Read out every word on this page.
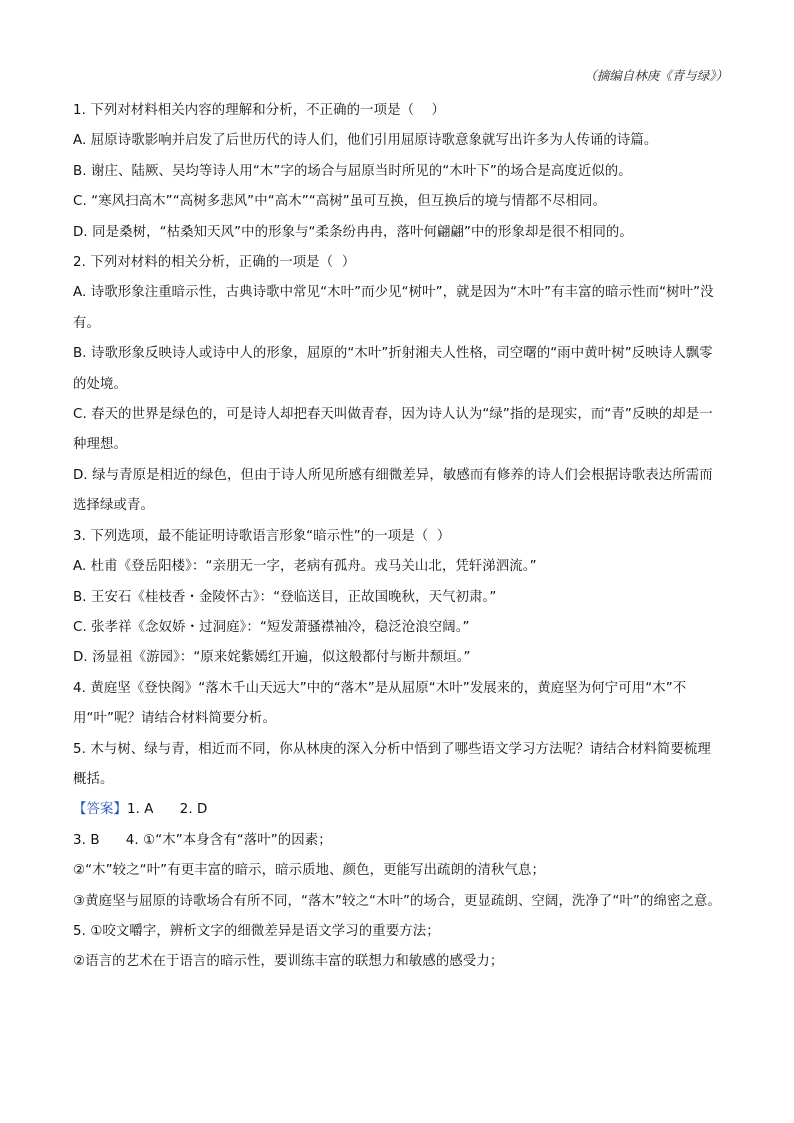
（摘编自林庚《青与绿》）

1. 下列对材料相关内容的理解和分析，不正确的一项是（    ）

A. 屈原诗歌影响并启发了后世历代的诗人们，他们引用屈原诗歌意象就写出许多为人传诵的诗篇。

B. 谢庄、陆厥、吴均等诗人用“木”字的场合与屈原当时所见的“木叶下”的场合是高度近似的。

C. “寒风扫高木”“高树多悲风”中“高木”“高树”虽可互换，但互换后的境与情都不尽相同。

D. 同是桑树，“枯桑知天风”中的形象与“柔条纷冉冉，落叶何翩翩”中的形象却是很不相同的。

2. 下列对材料的相关分析，正确的一项是（  ）

A. 诗歌形象注重暗示性，古典诗歌中常见“木叶”而少见“树叶”，就是因为“木叶”有丰富的暗示性而“树叶”没有。

B. 诗歌形象反映诗人或诗中人的形象，屈原的“木叶”折射湘夫人性格，司空曙的“雨中黄叶树”反映诗人飘零的处境。

C. 春天的世界是绿色的，可是诗人却把春天叫做青春，因为诗人认为“绿”指的是现实，而“青”反映的却是一种理想。

D. 绿与青原是相近的绿色，但由于诗人所见所感有细微差异，敏感而有修养的诗人们会根据诗歌表达所需而选择绿或青。

3. 下列选项，最不能证明诗歌语言形象“暗示性”的一项是（  ）

A. 杜甫《登岳阳楼》：“亲朋无一字，老病有孤舟。戎马关山北，凭轩涕泗流。”

B. 王安石《桂枝香・金陵怀古》：“登临送目，正故国晚秋，天气初肃。”

C. 张孝祥《念奴娇・过洞庭》：“短发萧骚襟袖冷，稳泛沧浪空阔。”

D. 汤显祖《游园》：“原来姹紫嫣红开遍，似这般都付与断井颓垣。”

4. 黄庭坚《登快阁》“落木千山天远大”中的“落木”是从屈原“木叶”发展来的，黄庭坚为何宁可用“木”不用“叶”呢？请结合材料简要分析。

5. 木与树、绿与青，相近而不同，你从林庚的深入分析中悟到了哪些语文学习方法呢？请结合材料简要梳理概括。

【答案】1. A      2. D

3. B      4. ①“木”本身含有“落叶”的因素；

②“木”较之“叶”有更丰富的暗示，暗示质地、颜色，更能写出疏朗的清秋气息；

③黄庭坚与屈原的诗歌场合有所不同，“落木”较之“木叶”的场合，更显疏朗、空阔，洗净了“叶”的绵密之意。

5. ①咬文嚼字，辨析文字的细微差异是语文学习的重要方法；

②语言的艺术在于语言的暗示性，要训练丰富的联想力和敏感的感受力；
